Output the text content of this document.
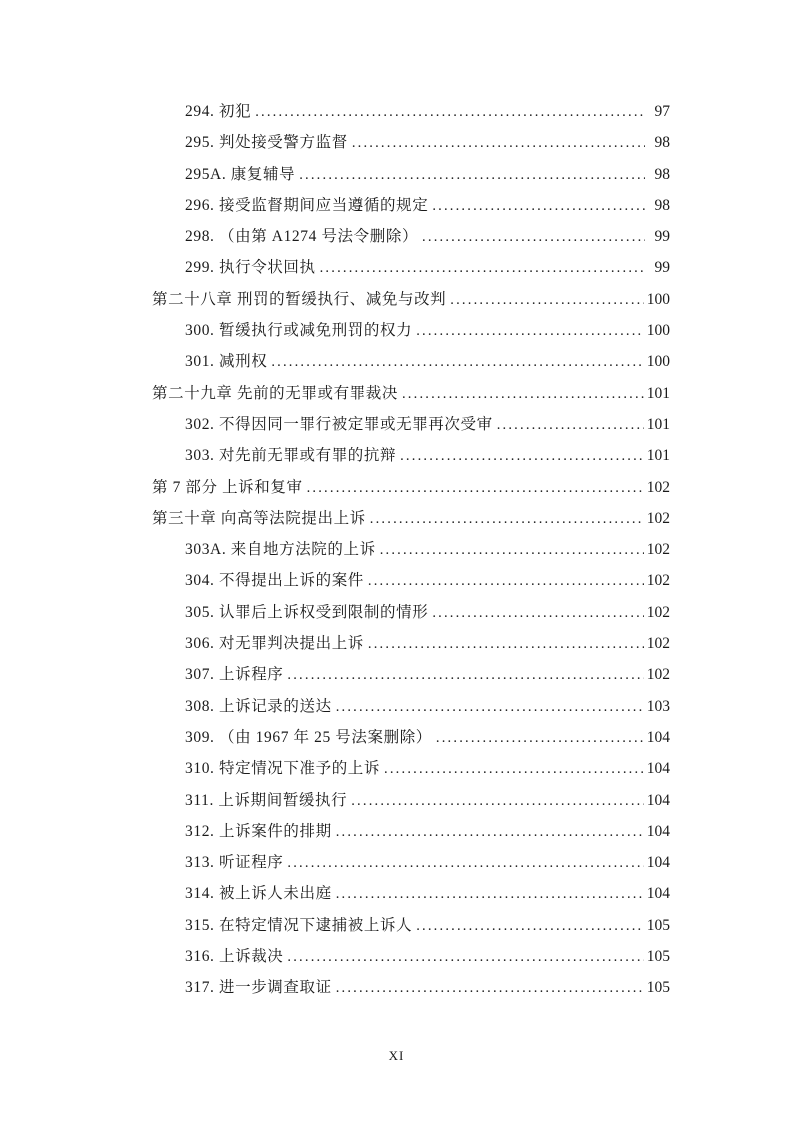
294. 初犯 .....	97
295. 判处接受警方监督 .....	98
295A. 康复辅导 .....	98
296. 接受监督期间应当遵循的规定 .....	98
298. （由第 A1274 号法令删除） .....	99
299. 执行令状回执 .....	99
第二十八章 刑罚的暂缓执行、减免与改判 .....	100
300. 暂缓执行或减免刑罚的权力 .....	100
301. 减刑权 .....	100
第二十九章 先前的无罪或有罪裁决 .....	101
302. 不得因同一罪行被定罪或无罪再次受审 .....	101
303. 对先前无罪或有罪的抗辩 .....	101
第 7 部分 上诉和复审 .....	102
第三十章 向高等法院提出上诉 .....	102
303A. 来自地方法院的上诉 .....	102
304. 不得提出上诉的案件 .....	102
305. 认罪后上诉权受到限制的情形 .....	102
306. 对无罪判决提出上诉 .....	102
307. 上诉程序 .....	102
308. 上诉记录的送达 .....	103
309. （由 1967 年 25 号法案删除） .....	104
310. 特定情况下准予的上诉 .....	104
311. 上诉期间暂缓执行 .....	104
312. 上诉案件的排期 .....	104
313. 听证程序 .....	104
314. 被上诉人未出庭 .....	104
315. 在特定情况下逮捕被上诉人 .....	105
316. 上诉裁决 .....	105
317. 进一步调查取证 .....	105
XI
